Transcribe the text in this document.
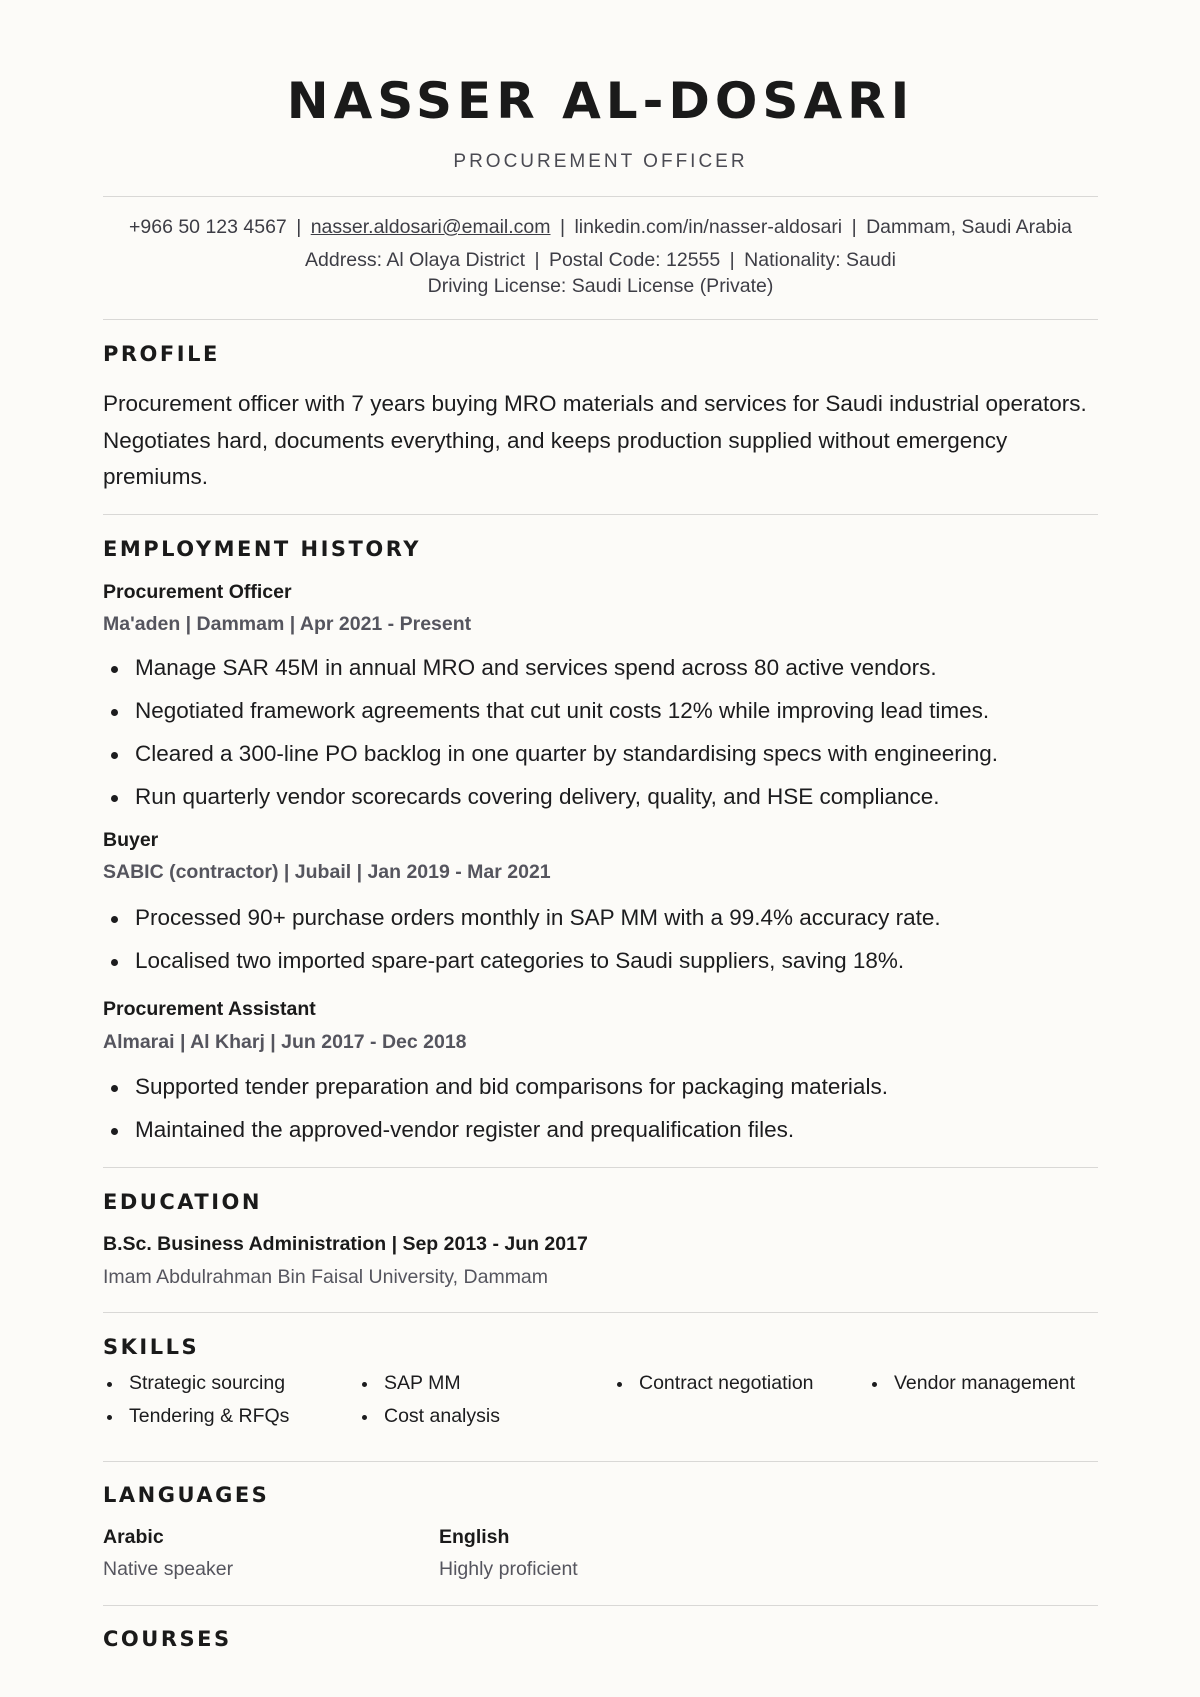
NASSER AL-DOSARI
PROCUREMENT OFFICER
+966 50 123 4567 | nasser.aldosari@email.com | linkedin.com/in/nasser-aldosari | Dammam, Saudi Arabia
Address: Al Olaya District | Postal Code: 12555 | Nationality: Saudi
Driving License: Saudi License (Private)
PROFILE

Procurement officer with 7 years buying MRO materials and services for Saudi industrial operators. Negotiates hard, documents everything, and keeps production supplied without emergency premiums.

EMPLOYMENT HISTORY
Procurement Officer
Ma'aden | Dammam | Apr 2021 - Present
Manage SAR 45M in annual MRO and services spend across 80 active vendors.
Negotiated framework agreements that cut unit costs 12% while improving lead times.
Cleared a 300-line PO backlog in one quarter by standardising specs with engineering.
Run quarterly vendor scorecards covering delivery, quality, and HSE compliance.
Buyer
SABIC (contractor) | Jubail | Jan 2019 - Mar 2021
Processed 90+ purchase orders monthly in SAP MM with a 99.4% accuracy rate.
Localised two imported spare-part categories to Saudi suppliers, saving 18%.
Procurement Assistant
Almarai | Al Kharj | Jun 2017 - Dec 2018
Supported tender preparation and bid comparisons for packaging materials.
Maintained the approved-vendor register and prequalification files.
EDUCATION
B.Sc. Business Administration | Sep 2013 - Jun 2017
Imam Abdulrahman Bin Faisal University, Dammam
SKILLS
Strategic sourcing	SAP MM	Contract negotiation	Vendor management
Tendering & RFQs	Cost analysis
LANGUAGES
Arabic
Native speaker
English
Highly proficient
COURSES
